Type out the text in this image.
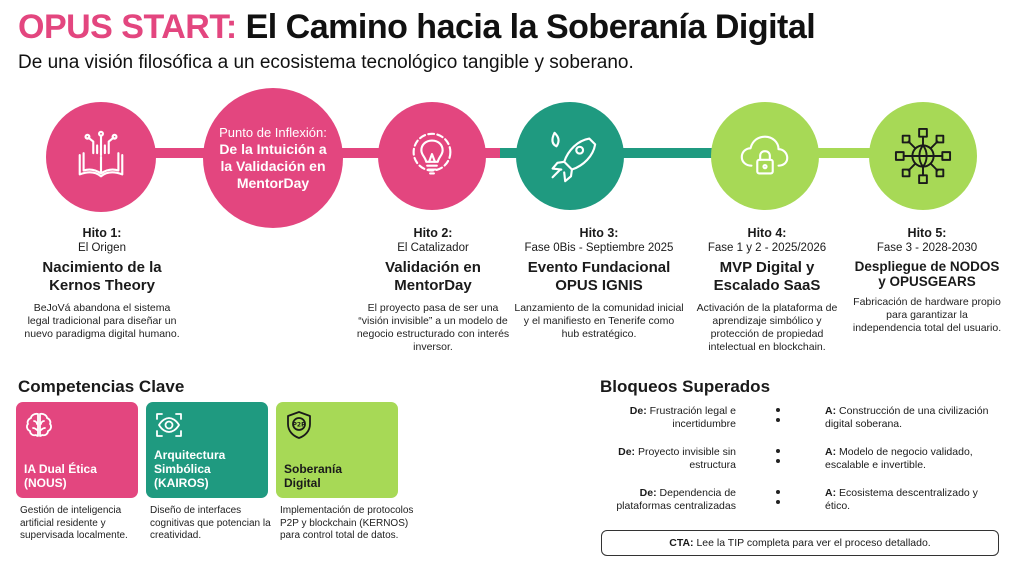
OPUS START: El Camino hacia la Soberanía Digital
De una visión filosófica a un ecosistema tecnológico tangible y soberano.
Punto de Inflexión:
De la Intuición a la Validación en MentorDay
Hito 1:
El Origen
Nacimiento de la Kernos Theory
BeJoVá abandona el sistema legal tradicional para diseñar un nuevo paradigma digital humano.
Hito 2:
El Catalizador
Validación en MentorDay
El proyecto pasa de ser una “visión invisible” a un modelo de negocio estructurado con interés inversor.
Hito 3:
Fase 0Bis - Septiembre 2025
Evento Fundacional OPUS IGNIS
Lanzamiento de la comunidad inicial y el manifiesto en Tenerife como hub estratégico.
Hito 4:
Fase 1 y 2 - 2025/2026
MVP Digital y Escalado SaaS
Activación de la plataforma de aprendizaje simbólico y protección de propiedad intelectual en blockchain.
Hito 5:
Fase 3 - 2028-2030
Despliegue de NODOS y OPUSGEARS
Fabricación de hardware propio para garantizar la independencia total del usuario.
Competencias Clave
IA Dual Ética (NOUS)
Arquitectura Simbólica (KAIROS)
P2P
Soberanía Digital
Gestión de inteligencia artificial residente y supervisada localmente.
Diseño de interfaces cognitivas que potencian la creatividad.
Implementación de protocolos P2P y blockchain (KERNOS) para control total de datos.
Bloqueos Superados
De: Frustración legal e incertidumbre
A: Construcción de una civilización digital soberana.
De: Proyecto invisible sin estructura
A: Modelo de negocio validado, escalable e invertible.
De: Dependencia de plataformas centralizadas
A: Ecosistema descentralizado y ético.
CTA:
Lee la TIP completa para ver el proceso detallado.
